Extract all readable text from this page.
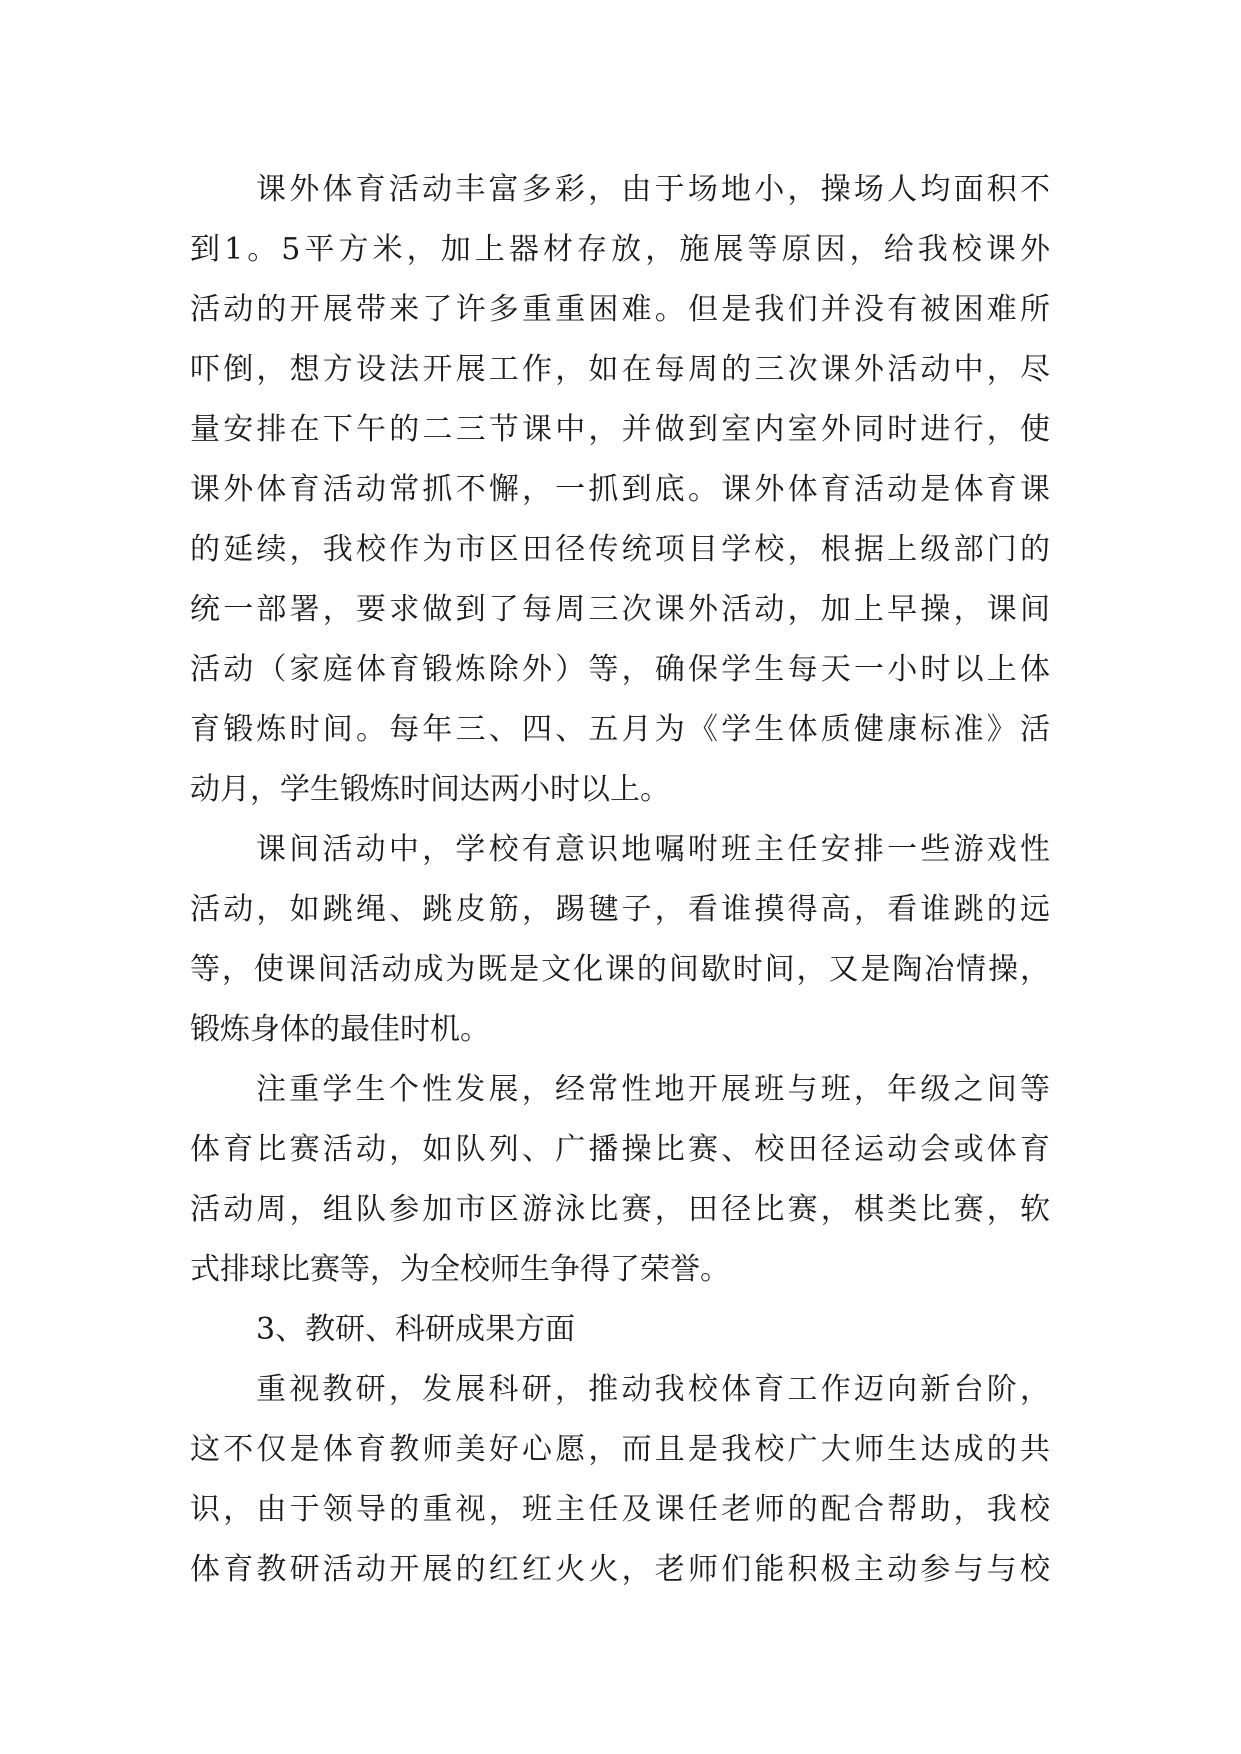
课外体育活动丰富多彩，由于场地小，操场人均面积不
到1。5平方米，加上器材存放，施展等原因，给我校课外
活动的开展带来了许多重重困难。但是我们并没有被困难所
吓倒，想方设法开展工作，如在每周的三次课外活动中，尽
量安排在下午的二三节课中，并做到室内室外同时进行，使
课外体育活动常抓不懈，一抓到底。课外体育活动是体育课
的延续，我校作为市区田径传统项目学校，根据上级部门的
统一部署，要求做到了每周三次课外活动，加上早操，课间
活动（家庭体育锻炼除外）等，确保学生每天一小时以上体
育锻炼时间。每年三、四、五月为《学生体质健康标准》活
动月，学生锻炼时间达两小时以上。
课间活动中，学校有意识地嘱咐班主任安排一些游戏性
活动，如跳绳、跳皮筋，踢毽子，看谁摸得高，看谁跳的远
等，使课间活动成为既是文化课的间歇时间，又是陶冶情操，
锻炼身体的最佳时机。
注重学生个性发展，经常性地开展班与班，年级之间等
体育比赛活动，如队列、广播操比赛、校田径运动会或体育
活动周，组队参加市区游泳比赛，田径比赛，棋类比赛，软
式排球比赛等，为全校师生争得了荣誉。
3、教研、科研成果方面
重视教研，发展科研，推动我校体育工作迈向新台阶，
这不仅是体育教师美好心愿，而且是我校广大师生达成的共
识，由于领导的重视，班主任及课任老师的配合帮助，我校
体育教研活动开展的红红火火，老师们能积极主动参与与校
